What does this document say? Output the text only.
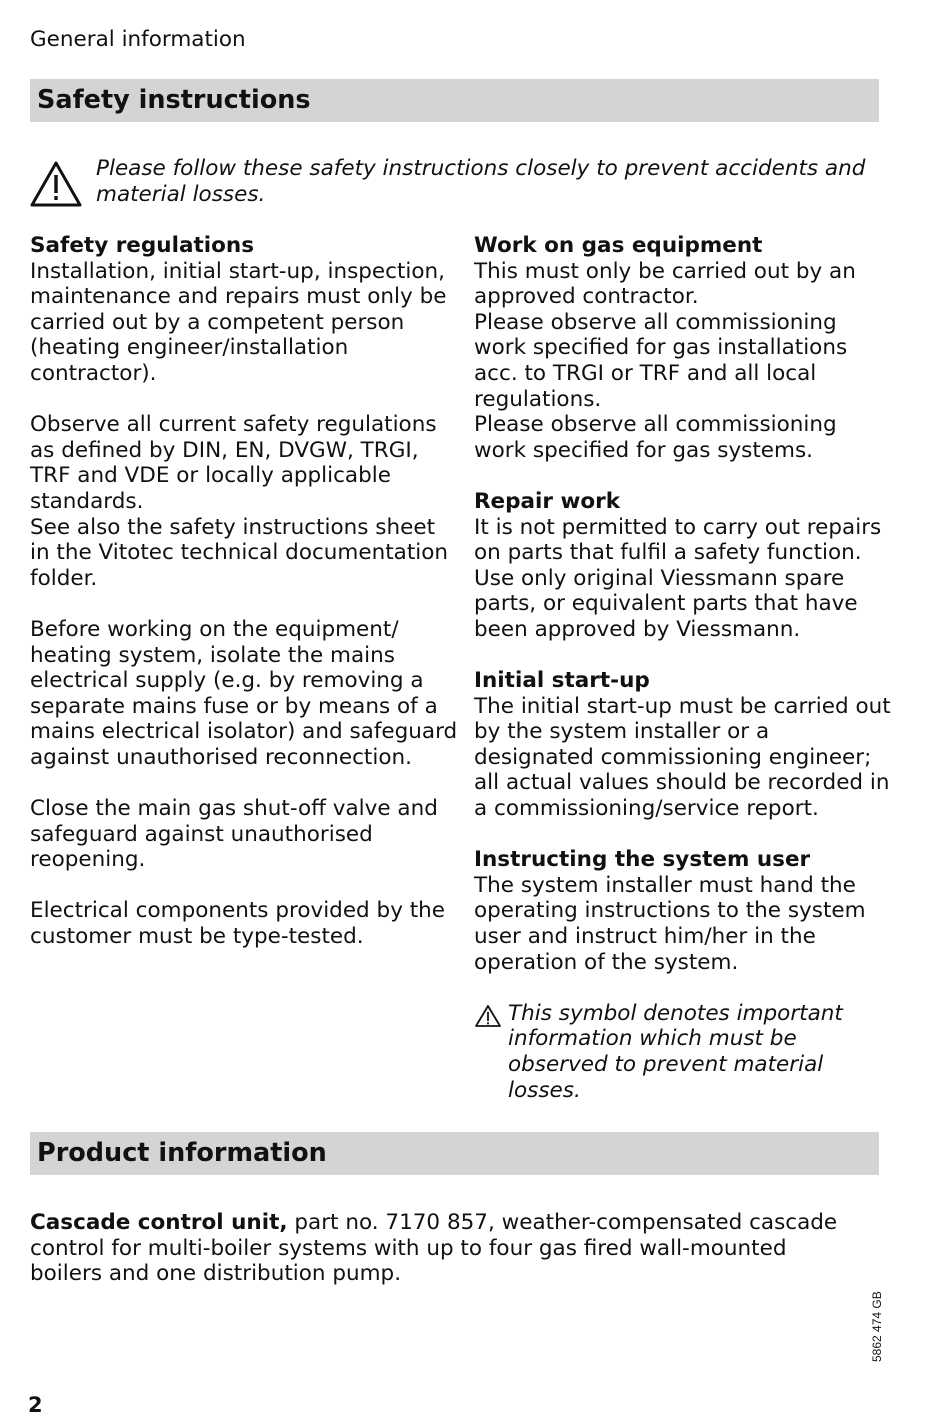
General information
Safety instructions
Please follow these safety instructions closely to prevent accidents and material losses.
Safety regulations

Installation, initial start-up, inspection, maintenance and repairs must only be carried out by a competent person (heating engineer/installation contractor).

Observe all current safety regulations as defined by DIN, EN, DVGW, TRGI, TRF and VDE or locally applicable standards.
See also the safety instructions sheet in the Vitotec technical documentation folder.

Before working on the equipment/ heating system, isolate the mains electrical supply (e.g. by removing a separate mains fuse or by means of a mains electrical isolator) and safeguard against unauthorised reconnection.

Close the main gas shut-off valve and safeguard against unauthorised reopening.

Electrical components provided by the customer must be type-tested.

Work on gas equipment

This must only be carried out by an approved contractor.
Please observe all commissioning work specified for gas installations acc. to TRGI or TRF and all local regulations.
Please observe all commissioning work specified for gas systems.

Repair work

It is not permitted to carry out repairs on parts that fulfil a safety function.
Use only original Viessmann spare parts, or equivalent parts that have been approved by Viessmann.

Initial start-up

The initial start-up must be carried out by the system installer or a designated commissioning engineer; all actual values should be recorded in a commissioning/service report.

Instructing the system user

The system installer must hand the operating instructions to the system user and instruct him/her in the operation of the system.

This symbol denotes important information which must be observed to prevent material losses.
Product information
Cascade control unit, part no. 7170 857, weather-compensated cascade control for multi-boiler systems with up to four gas fired wall-mounted boilers and one distribution pump.
5862 474 GB
2
